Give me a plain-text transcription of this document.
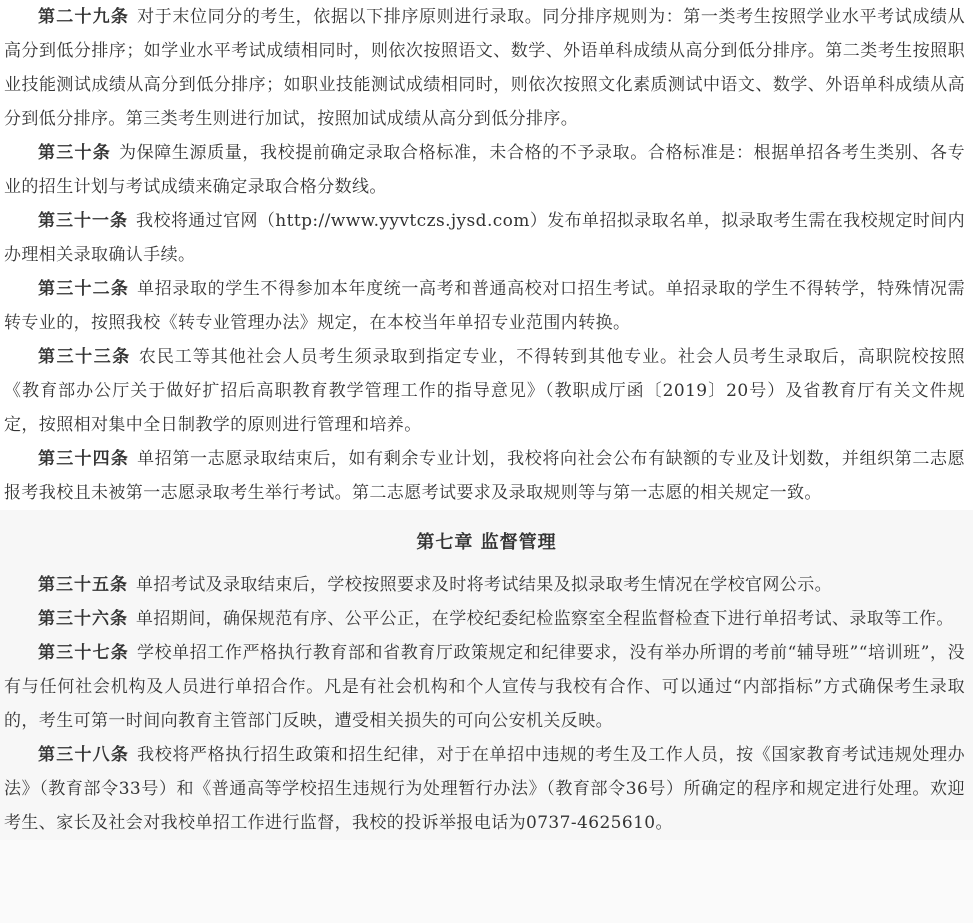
第二十九条 对于末位同分的考生，依据以下排序原则进行录取。同分排序规则为：第一类考生按照学业水平考试成绩从高分到低分排序；如学业水平考试成绩相同时，则依次按照语文、数学、外语单科成绩从高分到低分排序。第二类考生按照职业技能测试成绩从高分到低分排序；如职业技能测试成绩相同时，则依次按照文化素质测试中语文、数学、外语单科成绩从高分到低分排序。第三类考生则进行加试，按照加试成绩从高分到低分排序。

第三十条 为保障生源质量，我校提前确定录取合格标准，未合格的不予录取。合格标准是：根据单招各考生类别、各专业的招生计划与考试成绩来确定录取合格分数线。

第三十一条 我校将通过官网（http://www.yyvtczs.jysd.com）发布单招拟录取名单，拟录取考生需在我校规定时间内办理相关录取确认手续。

第三十二条 单招录取的学生不得参加本年度统一高考和普通高校对口招生考试。单招录取的学生不得转学，特殊情况需转专业的，按照我校《转专业管理办法》规定，在本校当年单招专业范围内转换。

第三十三条 农民工等其他社会人员考生须录取到指定专业，不得转到其他专业。社会人员考生录取后，高职院校按照《教育部办公厅关于做好扩招后高职教育教学管理工作的指导意见》（教职成厅函〔2019〕20号）及省教育厅有关文件规定，按照相对集中全日制教学的原则进行管理和培养。

第三十四条 单招第一志愿录取结束后，如有剩余专业计划，我校将向社会公布有缺额的专业及计划数，并组织第二志愿报考我校且未被第一志愿录取考生举行考试。第二志愿考试要求及录取规则等与第一志愿的相关规定一致。

第七章 监督管理

第三十五条 单招考试及录取结束后，学校按照要求及时将考试结果及拟录取考生情况在学校官网公示。

第三十六条 单招期间，确保规范有序、公平公正，在学校纪委纪检监察室全程监督检查下进行单招考试、录取等工作。

第三十七条 学校单招工作严格执行教育部和省教育厅政策规定和纪律要求，没有举办所谓的考前“辅导班”“培训班”，没有与任何社会机构及人员进行单招合作。凡是有社会机构和个人宣传与我校有合作、可以通过“内部指标”方式确保考生录取的，考生可第一时间向教育主管部门反映，遭受相关损失的可向公安机关反映。

第三十八条 我校将严格执行招生政策和招生纪律，对于在单招中违规的考生及工作人员，按《国家教育考试违规处理办法》（教育部令33号）和《普通高等学校招生违规行为处理暂行办法》（教育部令36号）所确定的程序和规定进行处理。欢迎考生、家长及社会对我校单招工作进行监督，我校的投诉举报电话为0737-4625610。
